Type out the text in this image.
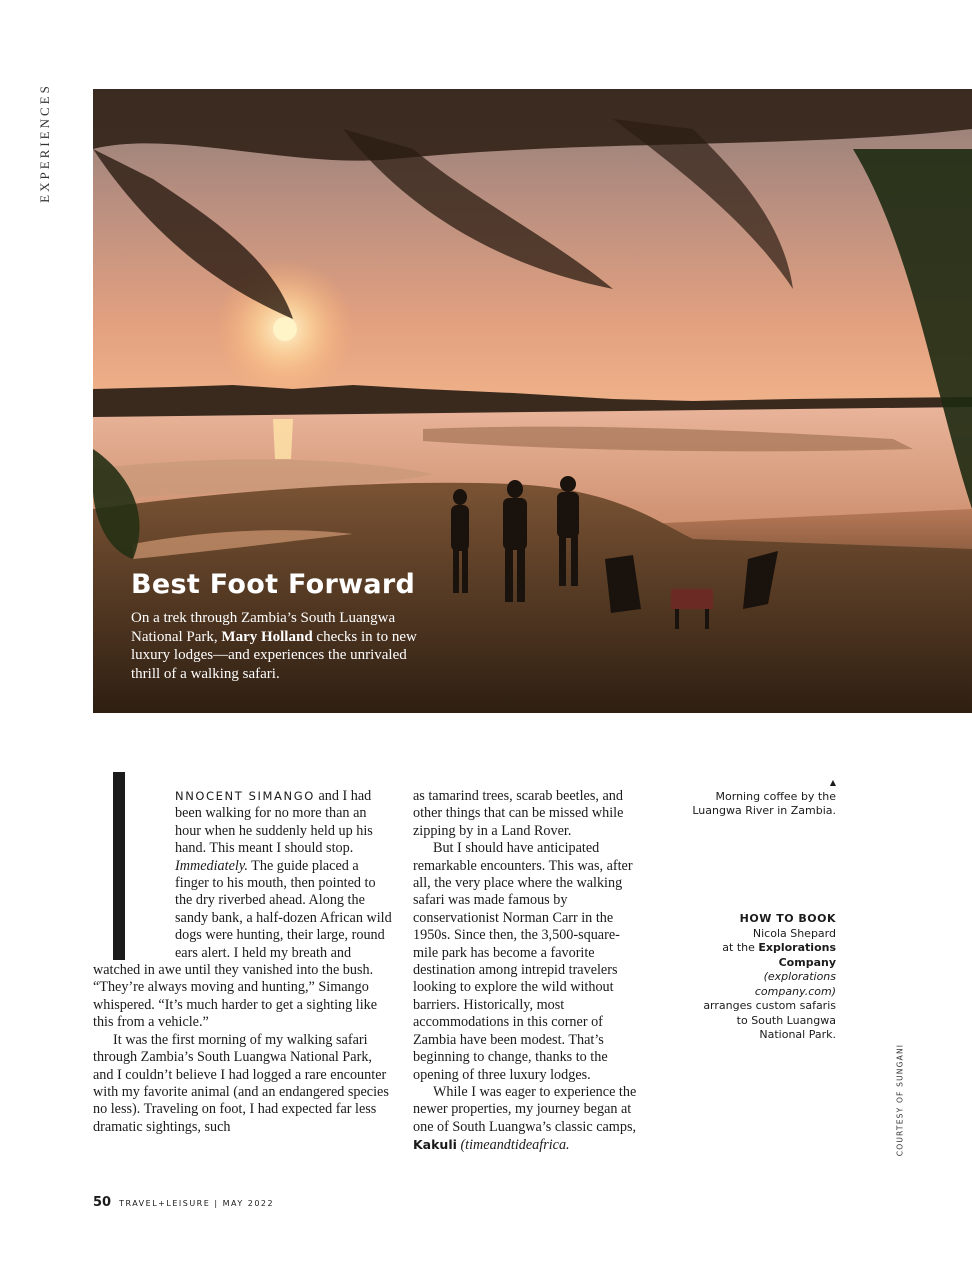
EXPERIENCES
Best Foot Forward

On a trek through Zambia’s South Luangwa National Park, Mary Holland checks in to new luxury lodges—and experiences the unrivaled thrill of a walking safari.

NNOCENT SIMANGO and I had been walking for no more than an hour when he suddenly held up his hand. This meant I should stop. Immediately. The guide placed a finger to his mouth, then pointed to the dry riverbed ahead. Along the sandy bank, a half-dozen African wild dogs were hunting, their large, round ears alert. I held my breath and watched in awe until they vanished into the bush. “They’re always moving and hunting,” Simango whispered. “It’s much harder to get a sighting like this from a vehicle.”

It was the first morning of my walking safari through Zambia’s South Luangwa National Park, and I couldn’t believe I had logged a rare encounter with my favorite animal (and an endangered species no less). Traveling on foot, I had expected far less dramatic sightings, such

as tamarind trees, scarab beetles, and other things that can be missed while zipping by in a Land Rover.

But I should have anticipated remarkable encounters. This was, after all, the very place where the walking safari was made famous by conservationist Norman Carr in the 1950s. Since then, the 3,500-square-mile park has become a favorite destination among intrepid travelers looking to explore the wild without barriers. Historically, most accommodations in this corner of Zambia have been modest. That’s beginning to change, thanks to the opening of three luxury lodges.

While I was eager to experience the newer properties, my journey began at one of South Luangwa’s classic camps, Kakuli (timeandtideafrica.

▲
Morning coffee by the Luangwa River in Zambia.
HOW TO BOOK
Nicola Shepard
at the Explorations Company
(explorations company.com)
arranges custom safaris to South Luangwa National Park.
COURTESY OF SUNGANI
50 TRAVEL+LEISURE | MAY 2022
